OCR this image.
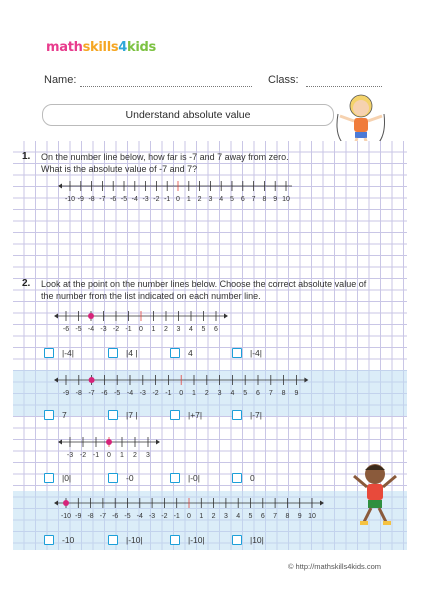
mathskills4kids
Name:	Class:
Understand absolute value
1. On the number line below, how far is -7 and 7 away from zero.
What is the absolute value of -7 and 7?
-10 -9 -8 -7 -6 -5 -4 -3 -2 -1 0 1 2 3 4 5 6 7 8 9 10
2. Look at the point on the number lines below. Choose the correct absolute value of
the number from the list indicated on each number line.
-6 -5 -4 -3 -2 -1 0 1 2 3 4 5 6
-9 -8 -7 -6 -5 -4 -3 -2 -1 0 1 2 3 4 5 6 7 8 9
-3 -2 -1 0 1 2 3
-10 -9 -8 -7 -6 -5 -4 -3 -2 -1 0 1 2 3 4 5 6 7 8 9 10
|-4|	|4 |	4	|-4|
7	|7 |	|+7|	|-7|
|0|	-0	|-0|	0
-10	|-10|	|-10|	|10|
© http://mathskills4kids.com
